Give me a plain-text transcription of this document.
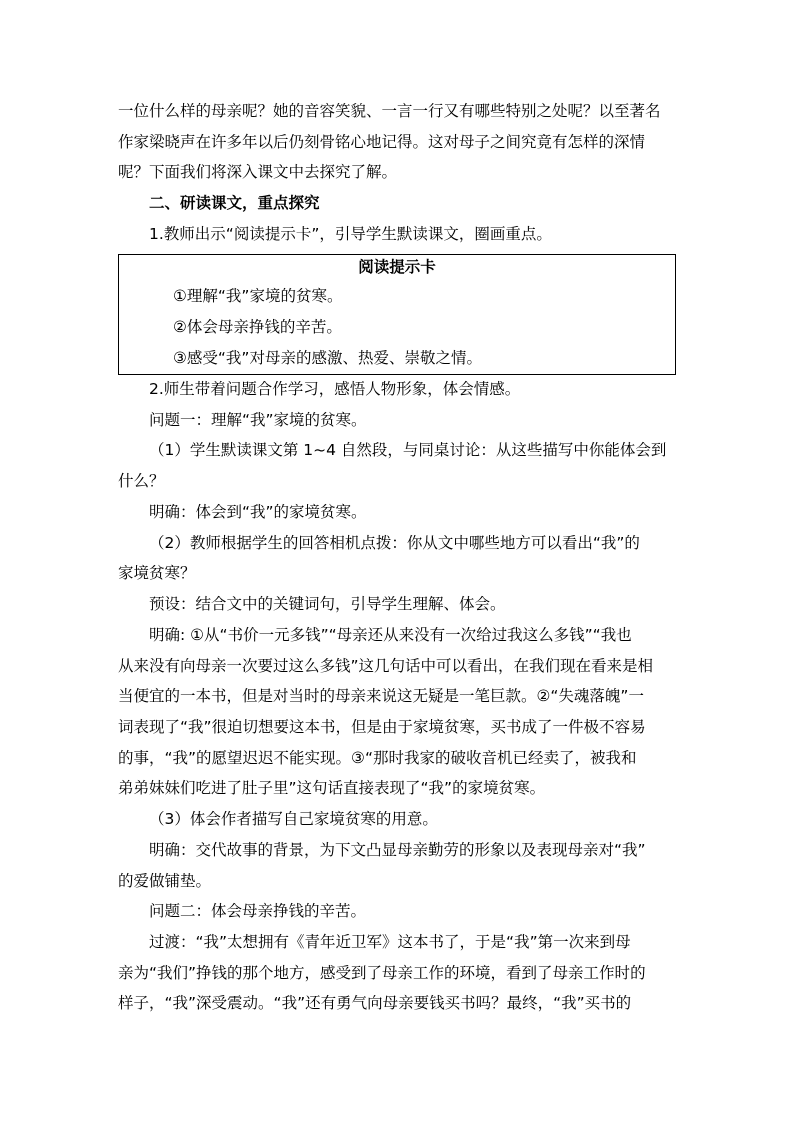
一位什么样的母亲呢？她的音容笑貌、一言一行又有哪些特别之处呢？以至著名
作家梁晓声在许多年以后仍刻骨铭心地记得。这对母子之间究竟有怎样的深情
呢？下面我们将深入课文中去探究了解。
二、研读课文，重点探究
1.教师出示“阅读提示卡”，引导学生默读课文，圈画重点。
阅读提示卡
①理解“我”家境的贫寒。
②体会母亲挣钱的辛苦。
③感受“我”对母亲的感激、热爱、崇敬之情。
2.师生带着问题合作学习，感悟人物形象，体会情感。
问题一：理解“我”家境的贫寒。
（1）学生默读课文第 1~4 自然段，与同桌讨论：从这些描写中你能体会到
什么？
明确：体会到“我”的家境贫寒。
（2）教师根据学生的回答相机点拨：你从文中哪些地方可以看出“我”的
家境贫寒？
预设：结合文中的关键词句，引导学生理解、体会。
明确: ①从“书价一元多钱”“母亲还从来没有一次给过我这么多钱”“我也
从来没有向母亲一次要过这么多钱”这几句话中可以看出，在我们现在看来是相
当便宜的一本书，但是对当时的母亲来说这无疑是一笔巨款。②“失魂落魄”一
词表现了“我”很迫切想要这本书，但是由于家境贫寒，买书成了一件极不容易
的事，“我”的愿望迟迟不能实现。③“那时我家的破收音机已经卖了，被我和
弟弟妹妹们吃进了肚子里”这句话直接表现了“我”的家境贫寒。
（3）体会作者描写自己家境贫寒的用意。
明确：交代故事的背景，为下文凸显母亲勤劳的形象以及表现母亲对“我”
的爱做铺垫。
问题二：体会母亲挣钱的辛苦。
过渡：“我”太想拥有《青年近卫军》这本书了，于是“我”第一次来到母
亲为“我们”挣钱的那个地方，感受到了母亲工作的环境，看到了母亲工作时的
样子，“我”深受震动。“我”还有勇气向母亲要钱买书吗？最终，“我”买书的
